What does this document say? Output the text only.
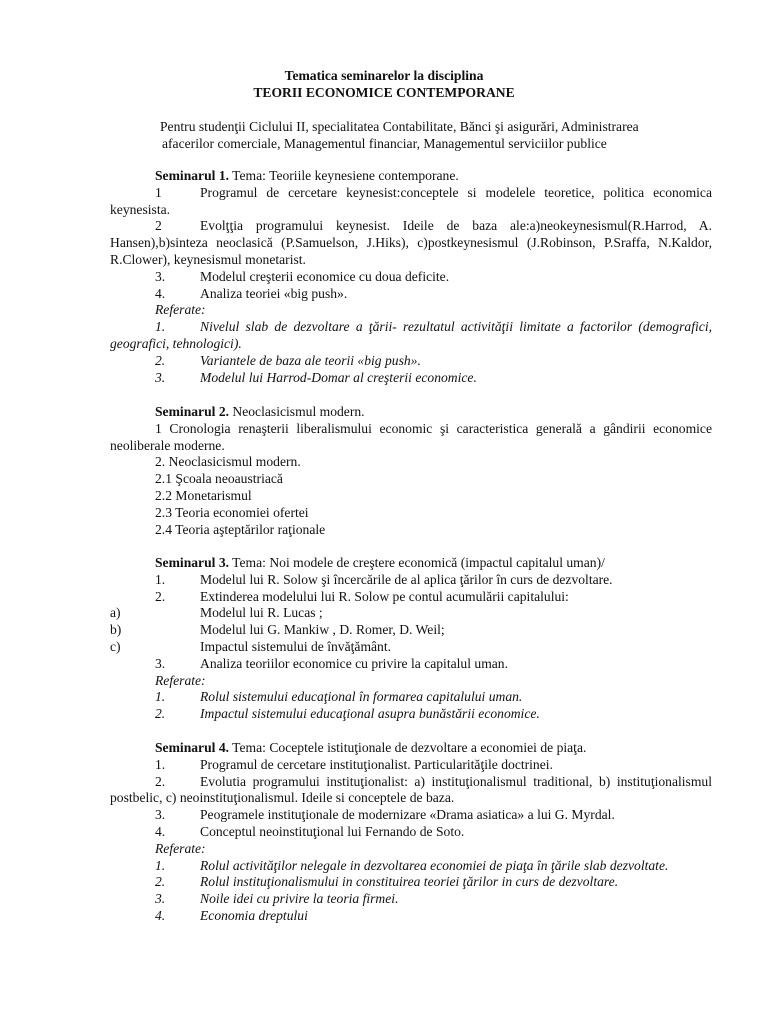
Tematica seminarelor la disciplina
TEORII ECONOMICE CONTEMPORANE
Pentru studenţii Ciclului II, specialitatea Contabilitate, Bănci şi asigurări, Administrarea
afacerilor comerciale, Managementul financiar, Managementul serviciilor publice
Seminarul 1. Tema: Teoriile keynesiene contemporane.
1	Programul de cercetare keynesist:conceptele si modelele teoretice, politica economica keynesista.
2	Evolţţia programului keynesist. Ideile de baza ale:a)neokeynesismul(R.Harrod, A. Hansen),b)sinteza neoclasică (P.Samuelson, J.Hiks), c)postkeynesismul (J.Robinson, P.Sraffa, N.Kaldor, R.Clower), keynesismul monetarist.
3.	Modelul creşterii economice cu doua deficite.
4.	Analiza teoriei «big push».
Referate:
1.	Nivelul slab de dezvoltare a ţării- rezultatul activităţii limitate a factorilor (demografici, geografici, tehnologici).
2.	Variantele de baza ale teorii «big push».
3.	Modelul lui Harrod-Domar al creşterii economice.
Seminarul 2. Neoclasicismul modern.
1 Cronologia renaşterii liberalismului economic şi caracteristica generală a gândirii economice neoliberale moderne.
2. Neoclasicismul modern.
2.1 Şcoala neoaustriacă
2.2 Monetarismul
2.3 Teoria economiei ofertei
2.4 Teoria aşteptărilor raţionale
Seminarul 3. Tema: Noi modele de creştere economică (impactul capitalul uman)/
1.	Modelul lui R. Solow şi încercările de al aplica ţărilor în curs de dezvoltare.
2.	Extinderea modelului lui R. Solow pe contul acumulării capitalului:
a)	Modelul lui R. Lucas ;
b)	Modelul lui G. Mankiw , D. Romer, D. Weil;
c)	Impactul sistemului de învăţământ.
3.	Analiza teoriilor economice cu privire la capitalul uman.
Referate:
1.	Rolul sistemului educaţional în formarea capitalului uman.
2.	Impactul sistemului educaţional asupra bunăstării economice.
Seminarul 4. Tema: Coceptele istituţionale de dezvoltare a economiei de piaţa.
1.	Programul de cercetare instituţionalist. Particularităţile doctrinei.
2.	Evolutia programului instituţionalist: a) instituţionalismul traditional, b) instituţionalismul postbelic, c) neoinstituţionalismul. Ideile si conceptele de baza.
3.	Peogramele instituţionale de modernizare «Drama asiatica» a lui G. Myrdal.
4.	Conceptul neoinstituţional lui Fernando de Soto.
Referate:
1.	Rolul activităţilor nelegale in dezvoltarea economiei de piaţa în ţările slab dezvoltate.
2.	Rolul instituţionalismului in constituirea teoriei ţărilor in curs de dezvoltare.
3.	Noile idei cu privire la teoria firmei.
4.	Economia dreptului
